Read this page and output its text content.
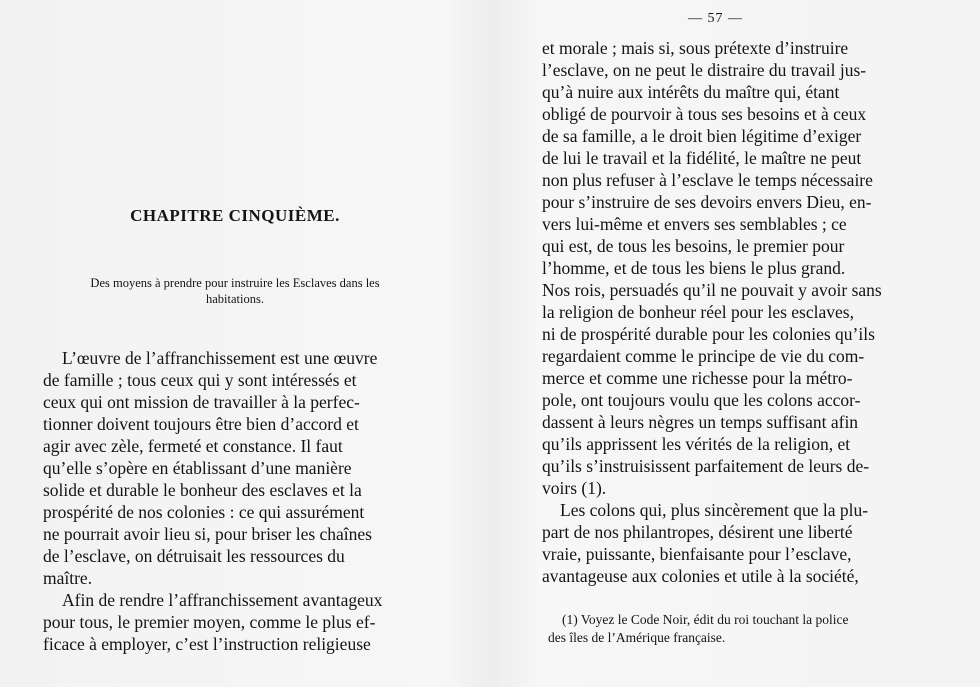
CHAPITRE CINQUIÈME.
Des moyens à prendre pour instruire les Esclaves dans les
habitations.
L’œuvre de l’affranchissement est une œuvre
de famille ; tous ceux qui y sont intéressés et
ceux qui ont mission de travailler à la perfec-
tionner doivent toujours être bien d’accord et
agir avec zèle, fermeté et constance. Il faut
qu’elle s’opère en établissant d’une manière
solide et durable le bonheur des esclaves et la
prospérité de nos colonies : ce qui assurément
ne pourrait avoir lieu si, pour briser les chaînes
de l’esclave, on détruisait les ressources du
maître.
Afin de rendre l’affranchissement avantageux
pour tous, le premier moyen, comme le plus ef-
ficace à employer, c’est l’instruction religieuse
— 57 —
et morale ; mais si, sous prétexte d’instruire
l’esclave, on ne peut le distraire du travail jus-
qu’à nuire aux intérêts du maître qui, étant
obligé de pourvoir à tous ses besoins et à ceux
de sa famille, a le droit bien légitime d’exiger
de lui le travail et la fidélité, le maître ne peut
non plus refuser à l’esclave le temps nécessaire
pour s’instruire de ses devoirs envers Dieu, en-
vers lui-même et envers ses semblables ; ce
qui est, de tous les besoins, le premier pour
l’homme, et de tous les biens le plus grand.
Nos rois, persuadés qu’il ne pouvait y avoir sans
la religion de bonheur réel pour les esclaves,
ni de prospérité durable pour les colonies qu’ils
regardaient comme le principe de vie du com-
merce et comme une richesse pour la métro-
pole, ont toujours voulu que les colons accor-
dassent à leurs nègres un temps suffisant afin
qu’ils apprissent les vérités de la religion, et
qu’ils s’instruisissent parfaitement de leurs de-
voirs (1).
Les colons qui, plus sincèrement que la plu-
part de nos philantropes, désirent une liberté
vraie, puissante, bienfaisante pour l’esclave,
avantageuse aux colonies et utile à la société,
(1) Voyez le Code Noir, édit du roi touchant la police
des îles de l’Amérique française.
